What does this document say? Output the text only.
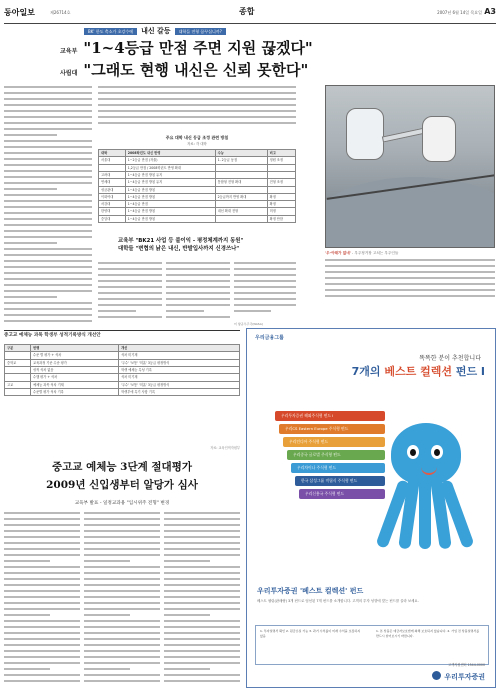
동아일보	제26714호	종합	2007년 6월 14일 목요일 A3
BK' 한도 축소가 초강수에	내신 갈등	대학들 전형 꿈꾸십니까?
교육부 "1~4등급 만점 주면 지원 끊겠다"
사립대 "그래도 현행 내신은 신뢰 못한다"
주요 대학 내신 등급 조정 관련 방침
자료: 각 대학
대학	2008학년도 내신 반영	수능	비고
서울대	1~2등급 만점 (자율)	1. 2등급 동점	정원 조정
	1,2등급 만점 / 2008학년도 반영 확대		
고려대	1~4등급 만점 방침 유지		
연세대	1~4등급 만점 방침 유지	통합형 전형 확대	전형 조정
성균관대	1~4등급 만점 방침		
이화여대	1~4등급 만점 방침	2등급까지 반영 확대	확정
서강대	1~4등급 만점		확정
한양대	1~4등급 만점 방침	내신 확대 전형	미정
중앙대	1~4등급 만점 방침		확정 안함
교육부 "BK21 사업 등 불이익 - 평정체계까지 동원"
대학들 "변협의 낡은 내신, 반발입사까지 신경쓰나"
'우-아래가 없네' - 우주정거장 고치는 우주인들
중고교 예체능 과목 학생부 성적기록방식 개선안
구분	현행	개선
	수준 별 평가 + 석차	석차 미기재
중학교	교육과정 기준 수준 평가	'우수' '보통' '미흡' 3등급 평정방식
	성적 석차 없음	학생 예체능 특성 기록
	수행 평가 + 석차	석차 미기재
고교	예체능 과목 석차 기재	'우수' '보통' '미흡' 3등급 평정방식
	수준별 평가 석차 기록	학생부에 특기 사항 기록
자료: 교육인적자원부
중고교 예체능 3단계 절대평가
2009년 신입생부터 알당가 심사
교육부 발표 - 일정교과용 "입시위주 전형" 변경
우리금융그룹
똑똑한 분이 추천합니다
7개의 베스트 컬렉션 펀드 Ⅰ
우리투자증권 해외주식형 펀드 I
우리CS Eastern Europe 주식형 펀드
우리인디아 주식형 펀드
우리중국 글로벌 주식형 펀드
우리차이나 주식형 펀드
한국 삼성그룹 적립식 주식형 펀드
우리신흥국 주식형 펀드
우리투자증권 '베스트 컬렉션' 펀드
베스트 셀링(판매량) 3개 펀드로 엄선된 7개 펀드를 소개합니다. 고객의 투자 성향에 맞는 펀드를 골라 보세요.
1. 투자설명서 확인 2. 원금손실 가능 3. 과거 수익률이 미래 수익을 보장하지 않음
1. 본 상품은 예금자보호법에 의해 보호되지 않습니다. 2. 가입 전 상품설명서를 반드시 읽어보시기 바랍니다.
고객지원센터 1544-0000
우리투자증권
미 항공우주국(NASA)
